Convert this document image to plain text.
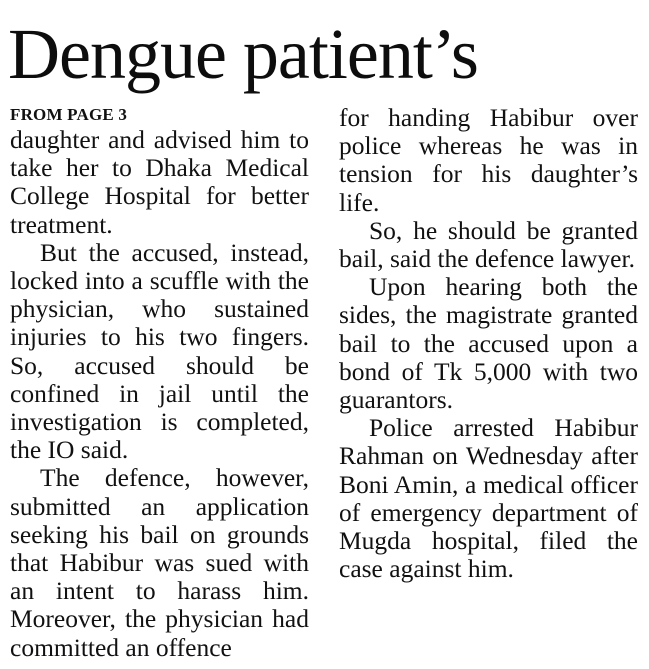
Dengue patient’s
FROM PAGE 3

daughter and advised him to take her to Dhaka Medical College Hospital for better treatment.

But the accused, instead, locked into a scuffle with the physician, who sustained injuries to his two fingers. So, accused should be confined in jail until the investigation is completed, the IO said.

The defence, however, submitted an application seeking his bail on grounds that Habibur was sued with an intent to harass him. Moreover, the physician had committed an offence

for handing Habibur over police whereas he was in tension for his daughter’s life.

So, he should be granted bail, said the defence lawyer.

Upon hearing both the sides, the magistrate granted bail to the accused upon a bond of Tk 5,000 with two guarantors.

Police arrested Habibur Rahman on Wednesday after Boni Amin, a medical officer of emergency department of Mugda hospital, filed the case against him.
